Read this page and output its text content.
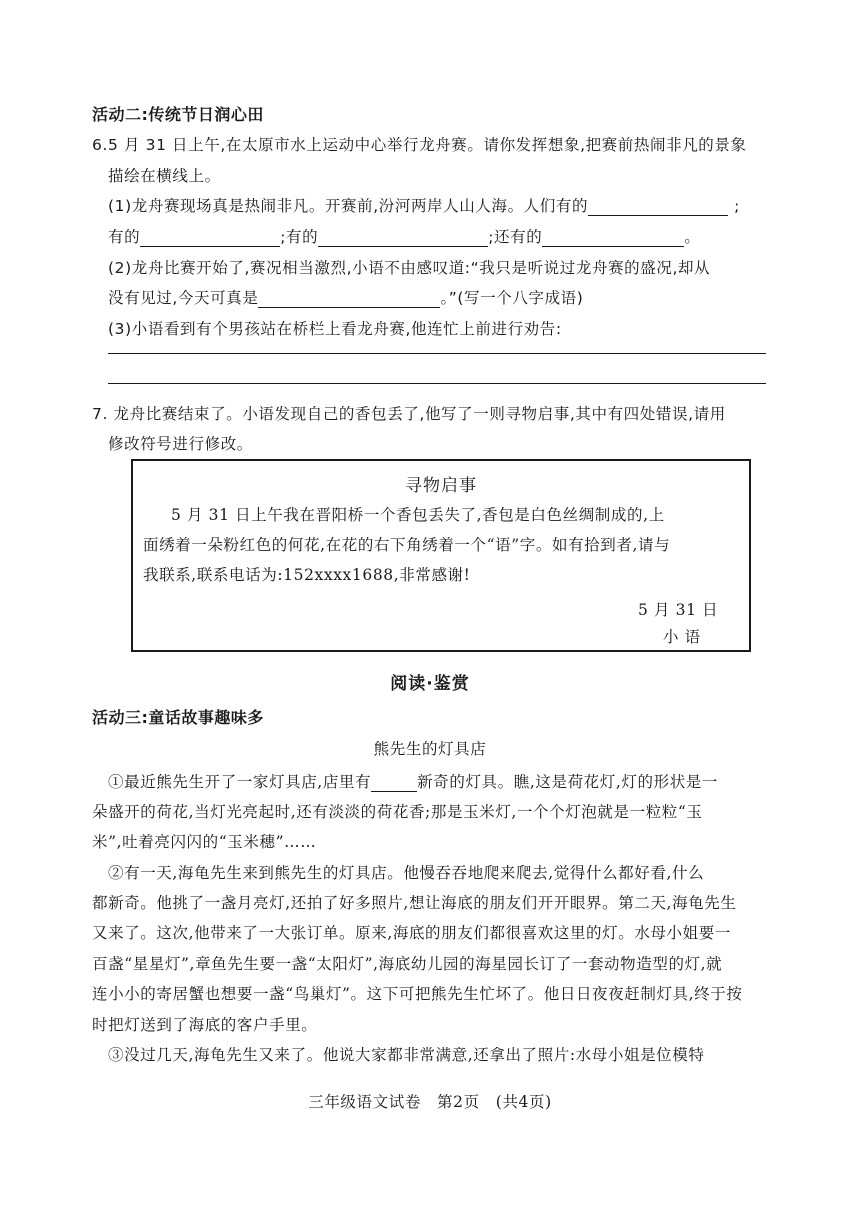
活动二:传统节日润心田
6.5 月 31 日上午,在太原市水上运动中心举行龙舟赛。请你发挥想象,把赛前热闹非凡的景象
描绘在横线上。
(1)龙舟赛现场真是热闹非凡。开赛前,汾河两岸人山人海。人们有的	;
有的	;有的	;还有的	。
(2)龙舟比赛开始了,赛况相当激烈,小语不由感叹道:“我只是听说过龙舟赛的盛况,却从
没有见过,今天可真是	。”(写一个八字成语)
(3)小语看到有个男孩站在桥栏上看龙舟赛,他连忙上前进行劝告:
7. 龙舟比赛结束了。小语发现自己的香包丢了,他写了一则寻物启事,其中有四处错误,请用
修改符号进行修改。
寻物启事
5 月 31 日上午我在晋阳桥一个香包丢失了,香包是白色丝绸制成的,上
面绣着一朵粉红色的何花,在花的右下角绣着一个“语”字。如有拾到者,请与
我联系,联系电话为:152xxxx1688,非常感谢!
5 月 31 日
小 语
阅读·鉴赏
活动三:童话故事趣味多
熊先生的灯具店
①最近熊先生开了一家灯具店,店里有	新奇的灯具。瞧,这是荷花灯,灯的形状是一
朵盛开的荷花,当灯光亮起时,还有淡淡的荷花香;那是玉米灯,一个个灯泡就是一粒粒“玉
米”,吐着亮闪闪的“玉米穗”……
②有一天,海龟先生来到熊先生的灯具店。他慢吞吞地爬来爬去,觉得什么都好看,什么
都新奇。他挑了一盏月亮灯,还拍了好多照片,想让海底的朋友们开开眼界。第二天,海龟先生
又来了。这次,他带来了一大张订单。原来,海底的朋友们都很喜欢这里的灯。水母小姐要一
百盏“星星灯”,章鱼先生要一盏“太阳灯”,海底幼儿园的海星园长订了一套动物造型的灯,就
连小小的寄居蟹也想要一盏“鸟巢灯”。这下可把熊先生忙坏了。他日日夜夜赶制灯具,终于按
时把灯送到了海底的客户手里。
③没过几天,海龟先生又来了。他说大家都非常满意,还拿出了照片:水母小姐是位模特
三年级语文试卷　第2页　(共4页)
